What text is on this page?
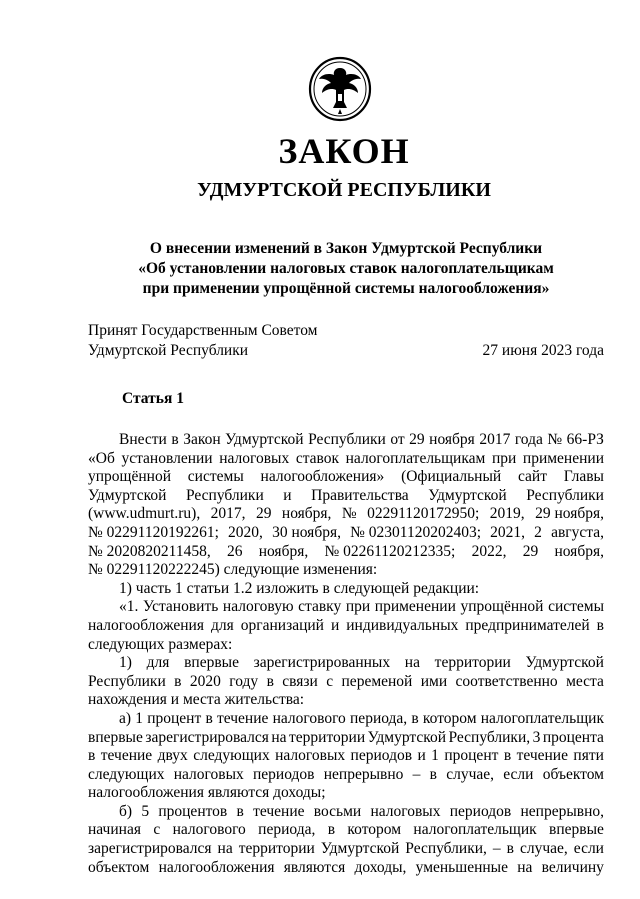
ЗАКОН
УДМУРТСКОЙ РЕСПУБЛИКИ
О внесении изменений в Закон Удмуртской Республики
«Об установлении налоговых ставок налогоплательщикам
при применении упрощённой системы налогообложения»
Принят Государственным Советом
Удмуртской Республики	27 июня 2023 года
Статья 1
Внести в Закон Удмуртской Республики от 29 ноября 2017 года № 66-РЗ
«Об установлении налоговых ставок налогоплательщикам при применении
упрощённой системы налогообложения» (Официальный сайт Главы
Удмуртской Республики и Правительства Удмуртской Республики
(www.udmurt.ru), 2017, 29 ноября, № 02291120172950; 2019, 29 ноября,
№ 02291120192261; 2020, 30 ноября, № 02301120202403; 2021, 2 августа,
№ 2020820211458, 26 ноября, № 02261120212335; 2022, 29 ноября,
№ 02291120222245) следующие изменения:
1) часть 1 статьи 1.2 изложить в следующей редакции:
«1. Установить налоговую ставку при применении упрощённой системы
налогообложения для организаций и индивидуальных предпринимателей в
следующих размерах:
1) для впервые зарегистрированных на территории Удмуртской
Республики в 2020 году в связи с переменой ими соответственно места
нахождения и места жительства:
а) 1 процент в течение налогового периода, в котором налогоплательщик
впервые зарегистрировался на территории Удмуртской Республики, 3 процента
в течение двух следующих налоговых периодов и 1 процент в течение пяти
следующих налоговых периодов непрерывно – в случае, если объектом
налогообложения являются доходы;
б) 5 процентов в течение восьми налоговых периодов непрерывно,
начиная с налогового периода, в котором налогоплательщик впервые
зарегистрировался на территории Удмуртской Республики, – в случае, если
объектом налогообложения являются доходы, уменьшенные на величину
